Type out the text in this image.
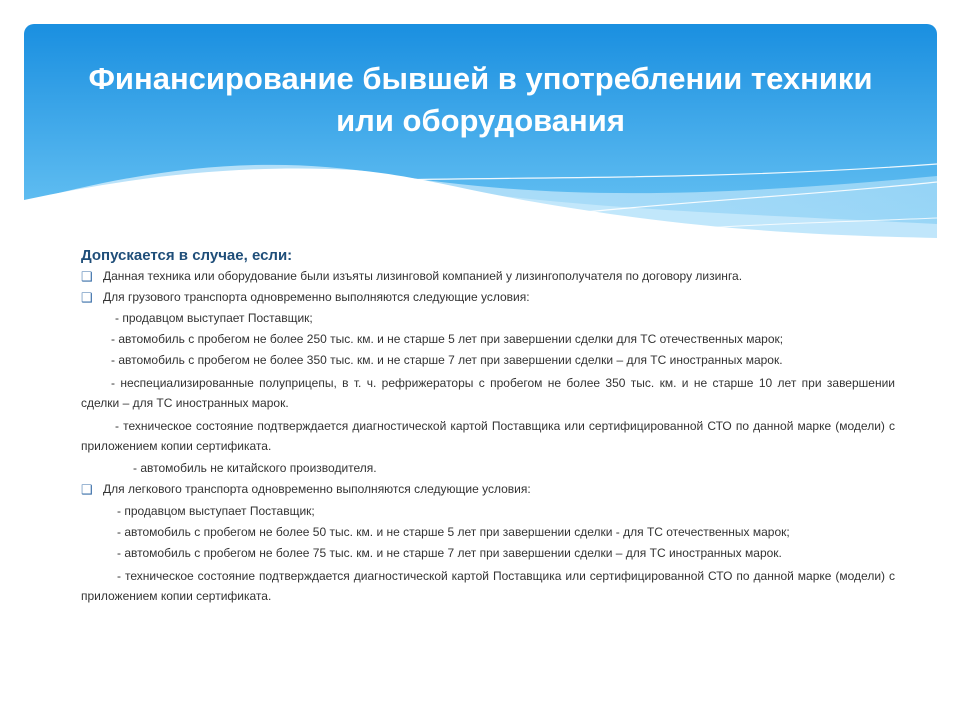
Финансирование бывшей в употреблении техники
или оборудования
Допускается в случае, если:
❑ Данная техника или оборудование были изъяты лизинговой компанией у лизингополучателя по договору лизинга.
❑ Для грузового транспорта одновременно выполняются следующие условия:
- продавцом выступает Поставщик;
- автомобиль с пробегом не более 250 тыс. км. и не старше 5 лет при завершении сделки для ТС отечественных марок;
- автомобиль с пробегом не более 350 тыс. км. и не старше 7 лет при завершении сделки – для ТС иностранных марок.
- неспециализированные полуприцепы, в т. ч. рефрижераторы с пробегом не более 350 тыс. км. и не старше 10 лет при завершении сделки – для ТС иностранных марок.
- техническое состояние подтверждается диагностической картой Поставщика или сертифицированной СТО по данной марке (модели) с приложением копии сертификата.
- автомобиль не китайского производителя.
❑ Для легкового транспорта одновременно выполняются следующие условия:
- продавцом выступает Поставщик;
- автомобиль с пробегом не более 50 тыс. км. и не старше 5 лет при завершении сделки - для ТС отечественных марок;
- автомобиль с пробегом не более 75 тыс. км. и не старше 7 лет при завершении сделки – для ТС иностранных марок.
- техническое состояние подтверждается диагностической картой Поставщика или сертифицированной СТО по данной марке (модели) с приложением копии сертификата.
